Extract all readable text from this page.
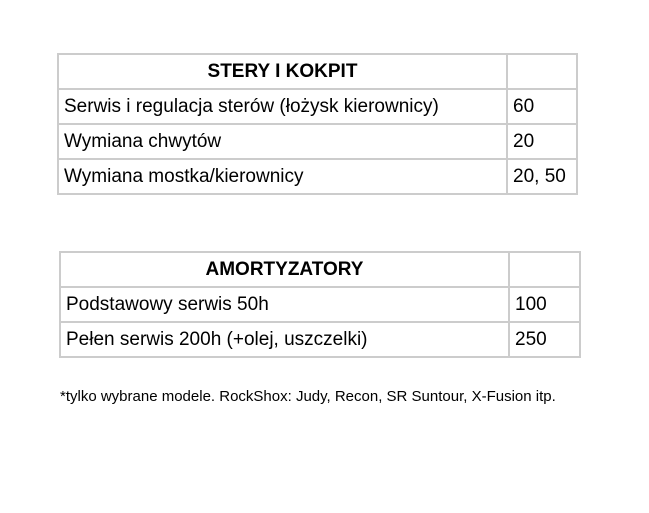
STERY I KOKPIT	
Serwis i regulacja sterów (łożysk kierownicy)	60
Wymiana chwytów	20
Wymiana mostka/kierownicy	20, 50
AMORTYZATORY	
Podstawowy serwis 50h	100
Pełen serwis 200h (+olej, uszczelki)	250
*tylko wybrane modele. RockShox: Judy, Recon, SR Suntour, X-Fusion itp.
